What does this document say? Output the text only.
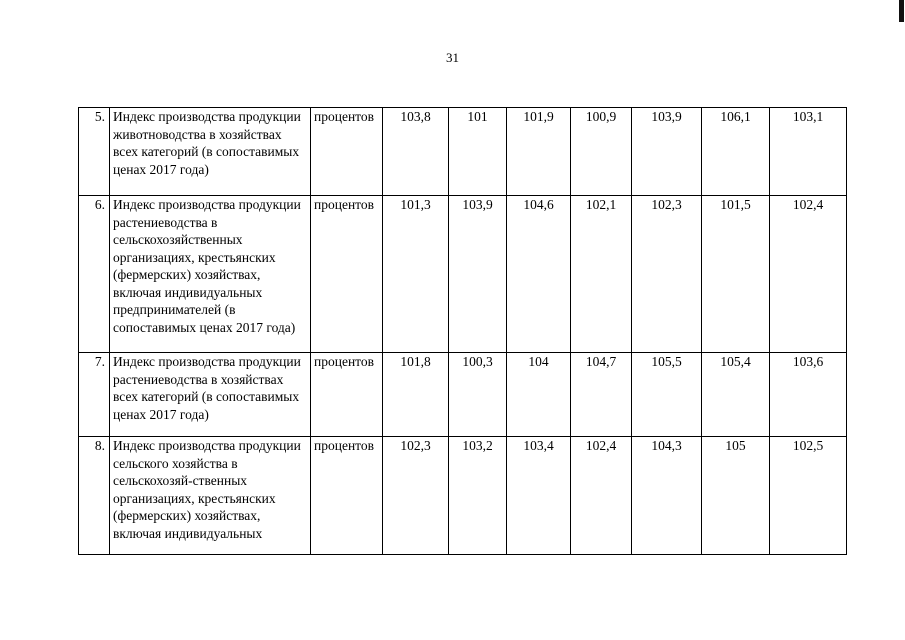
31
5.	Индекс производства продукции животноводства в хозяйствах всех категорий (в сопоставимых ценах 2017 года)	процентов	103,8	101	101,9	100,9	103,9	106,1	103,1
6.	Индекс производства продукции растениеводства в сельскохозяйственных организациях, крестьянских (фермерских) хозяйствах, включая индивидуальных предпринимателей (в сопоставимых ценах 2017 года)	процентов	101,3	103,9	104,6	102,1	102,3	101,5	102,4
7.	Индекс производства продукции растениеводства в хозяйствах всех категорий (в сопоставимых ценах 2017 года)	процентов	101,8	100,3	104	104,7	105,5	105,4	103,6
8.	Индекс производства продукции сельского хозяйства в сельскохозяй-ственных организациях, крестьянских (фермерских) хозяйствах, включая индивидуальных	процентов	102,3	103,2	103,4	102,4	104,3	105	102,5
